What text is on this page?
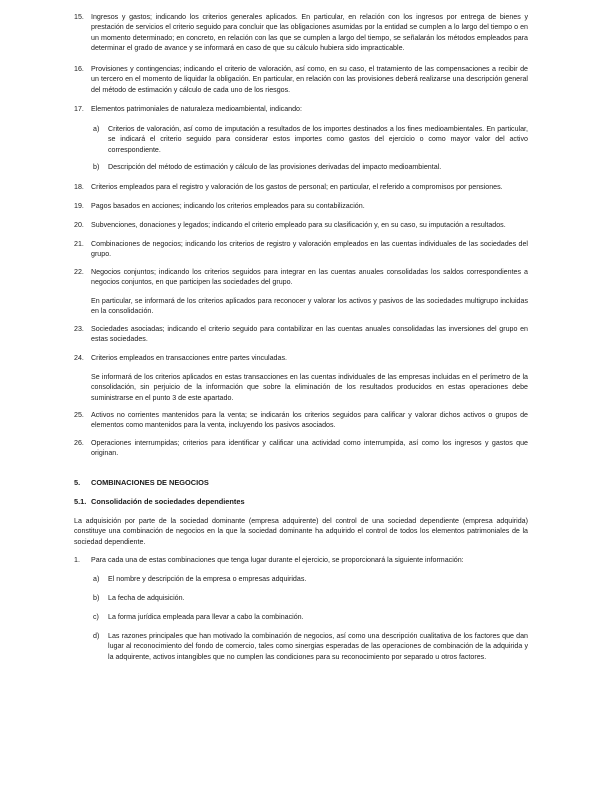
15.	Ingresos y gastos; indicando los criterios generales aplicados. En particular, en relación con los ingresos por entrega de bienes y prestación de servicios el criterio seguido para concluir que las obligaciones asumidas por la entidad se cumplen a lo largo del tiempo o en un momento determinado; en concreto, en relación con las que se cumplen a largo del tiempo, se señalarán los métodos empleados para determinar el grado de avance y se informará en caso de que su cálculo hubiera sido impracticable.
16.	Provisiones y contingencias; indicando el criterio de valoración, así como, en su caso, el tratamiento de las compensaciones a recibir de un tercero en el momento de liquidar la obligación. En particular, en relación con las provisiones deberá realizarse una descripción general del método de estimación y cálculo de cada uno de los riesgos.
17.	Elementos patrimoniales de naturaleza medioambiental, indicando:
a)	Criterios de valoración, así como de imputación a resultados de los importes destinados a los fines medioambientales. En particular, se indicará el criterio seguido para considerar estos importes como gastos del ejercicio o como mayor valor del activo correspondiente.
b)	Descripción del método de estimación y cálculo de las provisiones derivadas del impacto medioambiental.
18.	Criterios empleados para el registro y valoración de los gastos de personal; en particular, el referido a compromisos por pensiones.
19.	Pagos basados en acciones; indicando los criterios empleados para su contabilización.
20.	Subvenciones, donaciones y legados; indicando el criterio empleado para su clasificación y, en su caso, su imputación a resultados.
21.	Combinaciones de negocios; indicando los criterios de registro y valoración empleados en las cuentas individuales de las sociedades del grupo.
22.	Negocios conjuntos; indicando los criterios seguidos para integrar en las cuentas anuales consolidadas los saldos correspondientes a negocios conjuntos, en que participen las sociedades del grupo.
En particular, se informará de los criterios aplicados para reconocer y valorar los activos y pasivos de las sociedades multigrupo incluidas en la consolidación.
23.	Sociedades asociadas; indicando el criterio seguido para contabilizar en las cuentas anuales consolidadas las inversiones del grupo en estas sociedades.
24.	Criterios empleados en transacciones entre partes vinculadas.
Se informará de los criterios aplicados en estas transacciones en las cuentas individuales de las empresas incluidas en el perímetro de la consolidación, sin perjuicio de la información que sobre la eliminación de los resultados producidos en estas operaciones debe suministrarse en el punto 3 de este apartado.
25.	Activos no corrientes mantenidos para la venta; se indicarán los criterios seguidos para calificar y valorar dichos activos o grupos de elementos como mantenidos para la venta, incluyendo los pasivos asociados.
26.	Operaciones interrumpidas; criterios para identificar y calificar una actividad como interrumpida, así como los ingresos y gastos que originan.
5. COMBINACIONES DE NEGOCIOS
5.1. Consolidación de sociedades dependientes
La adquisición por parte de la sociedad dominante (empresa adquirente) del control de una sociedad dependiente (empresa adquirida) constituye una combinación de negocios en la que la sociedad dominante ha adquirido el control de todos los elementos patrimoniales de la sociedad dependiente.
1.	Para cada una de estas combinaciones que tenga lugar durante el ejercicio, se proporcionará la siguiente información:
a)	El nombre y descripción de la empresa o empresas adquiridas.
b)	La fecha de adquisición.
c)	La forma jurídica empleada para llevar a cabo la combinación.
d)	Las razones principales que han motivado la combinación de negocios, así como una descripción cualitativa de los factores que dan lugar al reconocimiento del fondo de comercio, tales como sinergias esperadas de las operaciones de combinación de la adquirida y la adquirente, activos intangibles que no cumplen las condiciones para su reconocimiento por separado u otros factores.
